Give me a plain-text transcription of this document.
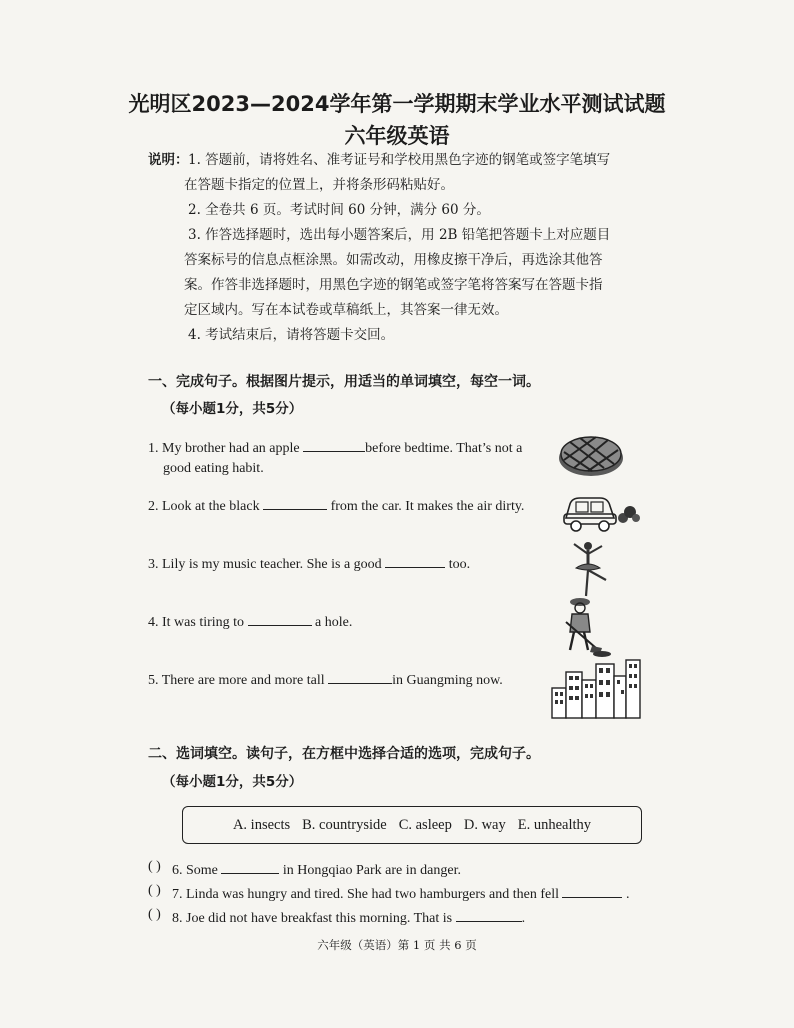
光明区2023—2024学年第一学期期末学业水平测试试题
六年级英语
说明： 1. 答题前，请将姓名、准考证号和学校用黑色字迹的钢笔或签字笔填写
在答题卡指定的位置上，并将条形码粘贴好。
2. 全卷共 6 页。考试时间 60 分钟，满分 60 分。
3. 作答选择题时，选出每小题答案后，用 2B 铅笔把答题卡上对应题目
答案标号的信息点框涂黑。如需改动，用橡皮擦干净后，再选涂其他答
案。作答非选择题时，用黑色字迹的钢笔或签字笔将答案写在答题卡指
定区域内。写在本试卷或草稿纸上，其答案一律无效。
4. 考试结束后，请将答题卡交回。
一、完成句子。根据图片提示，用适当的单词填空，每空一词。
（每小题1分，共5分）
1. My brother had an apple	before bedtime. That’s not a
good eating habit.
2. Look at the black	from the car. It makes the air dirty.
3. Lily is my music teacher. She is a good	too.
4. It was tiring to	a hole.
5. There are more and more tall	in Guangming now.
二、选词填空。读句子，在方框中选择合适的选项，完成句子。
（每小题1分，共5分）
A. insects B. countryside C. asleep D. way E. unhealthy
( ) 6. Some	in Hongqiao Park are in danger.
( ) 7. Linda was hungry and tired. She had two hamburgers and then fell	.
( ) 8. Joe did not have breakfast this morning. That is	.
六年级（英语）第 1 页 共 6 页
